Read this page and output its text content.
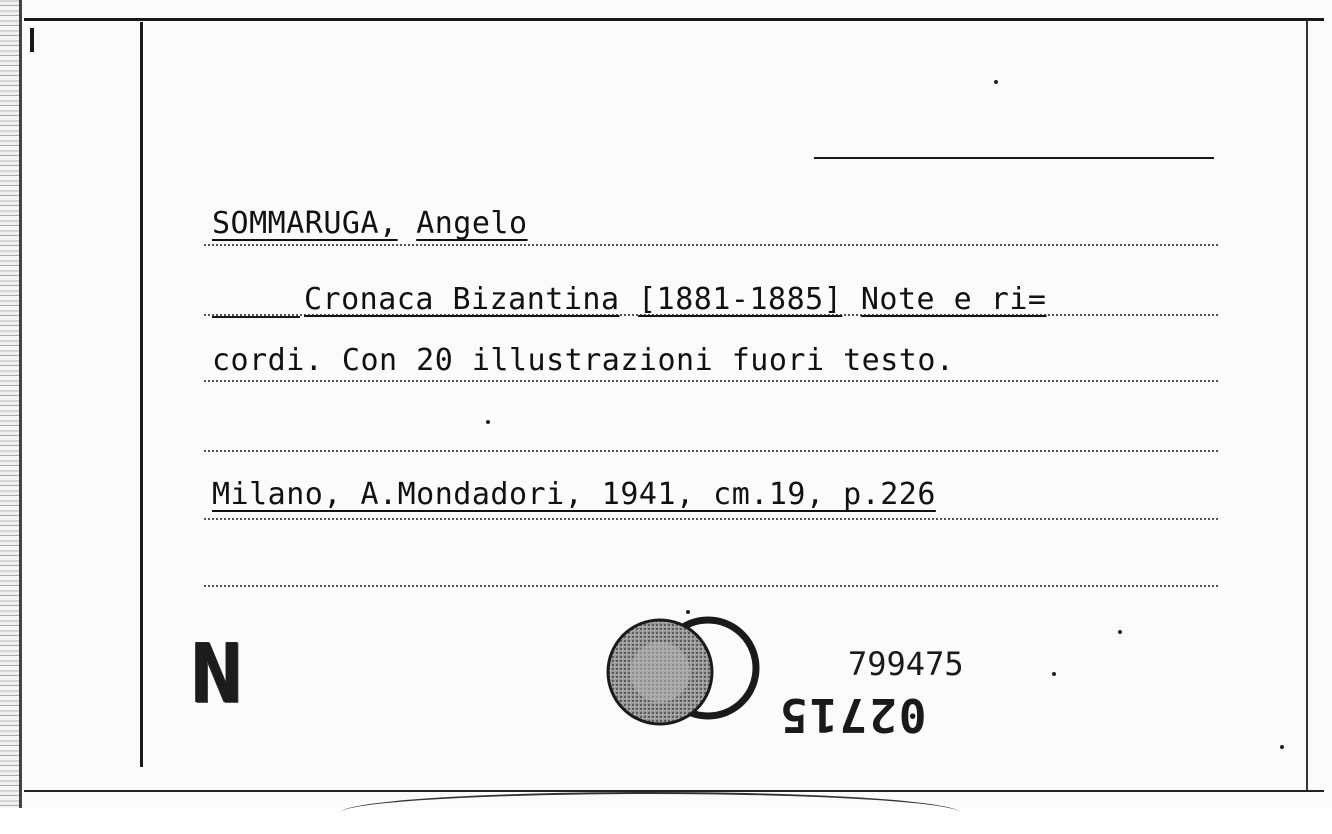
SOMMARUGA, Angelo
Cronaca Bizantina [1881-1885] Note e ri=
cordi. Con 20 illustrazioni fuori testo.
Milano, A.Mondadori, 1941, cm.19, p.226
N	799475
02715
